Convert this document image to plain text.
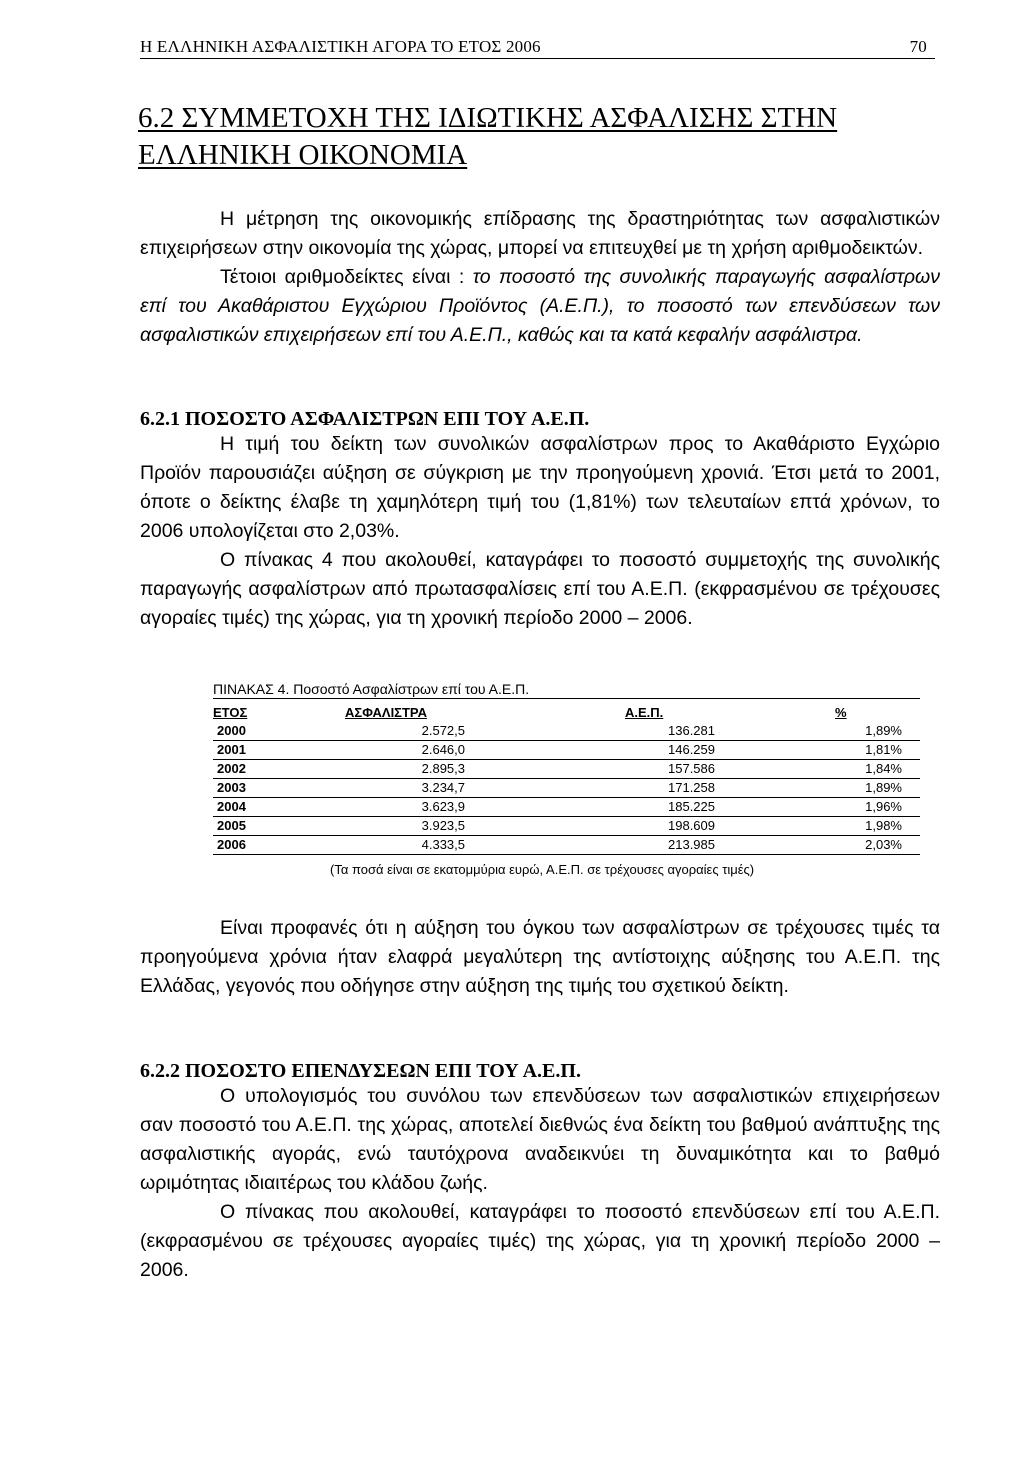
Η ΕΛΛΗΝΙΚΗ ΑΣΦΑΛΙΣΤΙΚΗ ΑΓΟΡΑ ΤΟ ΕΤΟΣ 2006	70
6.2 ΣΥΜΜΕΤΟΧΗ ΤΗΣ ΙΔΙΩΤΙΚΗΣ ΑΣΦΑΛΙΣΗΣ ΣΤΗΝ ΕΛΛΗΝΙΚΗ ΟΙΚΟΝΟΜΙΑ

Η μέτρηση της οικονομικής επίδρασης της δραστηριότητας των ασφαλιστικών επιχειρήσεων στην οικονομία της χώρας, μπορεί να επιτευχθεί με τη χρήση αριθμοδεικτών.

Τέτοιοι αριθμοδείκτες είναι : το ποσοστό της συνολικής παραγωγής ασφαλίστρων επί του Ακαθάριστου Εγχώριου Προϊόντος (Α.Ε.Π.), το ποσοστό των επενδύσεων των ασφαλιστικών επιχειρήσεων επί του Α.Ε.Π., καθώς και τα κατά κεφαλήν ασφάλιστρα.

6.2.1 ΠΟΣΟΣΤΟ ΑΣΦΑΛΙΣΤΡΩΝ ΕΠΙ ΤΟΥ Α.Ε.Π.

Η τιμή του δείκτη των συνολικών ασφαλίστρων προς το Ακαθάριστο Εγχώριο Προϊόν παρουσιάζει αύξηση σε σύγκριση με την προηγούμενη χρονιά. Έτσι μετά το 2001, όποτε ο δείκτης έλαβε τη χαμηλότερη τιμή του (1,81%) των τελευταίων επτά χρόνων, το 2006 υπολογίζεται στο 2,03%.

Ο πίνακας 4 που ακολουθεί, καταγράφει το ποσοστό συμμετοχής της συνολικής παραγωγής ασφαλίστρων από πρωτασφαλίσεις επί του Α.Ε.Π. (εκφρασμένου σε τρέχουσες αγοραίες τιμές) της χώρας, για τη χρονική περίοδο 2000 – 2006.

ΠΙΝΑΚΑΣ 4. Ποσοστό Ασφαλίστρων επί του Α.Ε.Π.
ΕΤΟΣ	ΑΣΦΑΛΙΣΤΡΑ	Α.Ε.Π.	%
2000	2.572,5	136.281	1,89%
2001	2.646,0	146.259	1,81%
2002	2.895,3	157.586	1,84%
2003	3.234,7	171.258	1,89%
2004	3.623,9	185.225	1,96%
2005	3.923,5	198.609	1,98%
2006	4.333,5	213.985	2,03%
(Τα ποσά είναι σε εκατομμύρια ευρώ, Α.Ε.Π. σε τρέχουσες αγοραίες τιμές)

Είναι προφανές ότι η αύξηση του όγκου των ασφαλίστρων σε τρέχουσες τιμές τα προηγούμενα χρόνια ήταν ελαφρά μεγαλύτερη της αντίστοιχης αύξησης του Α.Ε.Π. της Ελλάδας, γεγονός που οδήγησε στην αύξηση της τιμής του σχετικού δείκτη.

6.2.2 ΠΟΣΟΣΤΟ ΕΠΕΝΔΥΣΕΩΝ ΕΠΙ ΤΟΥ Α.Ε.Π.

Ο υπολογισμός του συνόλου των επενδύσεων των ασφαλιστικών επιχειρήσεων σαν ποσοστό του Α.Ε.Π. της χώρας, αποτελεί διεθνώς ένα δείκτη του βαθμού ανάπτυξης της ασφαλιστικής αγοράς, ενώ ταυτόχρονα αναδεικνύει τη δυναμικότητα και το βαθμό ωριμότητας ιδιαιτέρως του κλάδου ζωής.

Ο πίνακας που ακολουθεί, καταγράφει το ποσοστό επενδύσεων επί του Α.Ε.Π. (εκφρασμένου σε τρέχουσες αγοραίες τιμές) της χώρας, για τη χρονική περίοδο 2000 – 2006.
